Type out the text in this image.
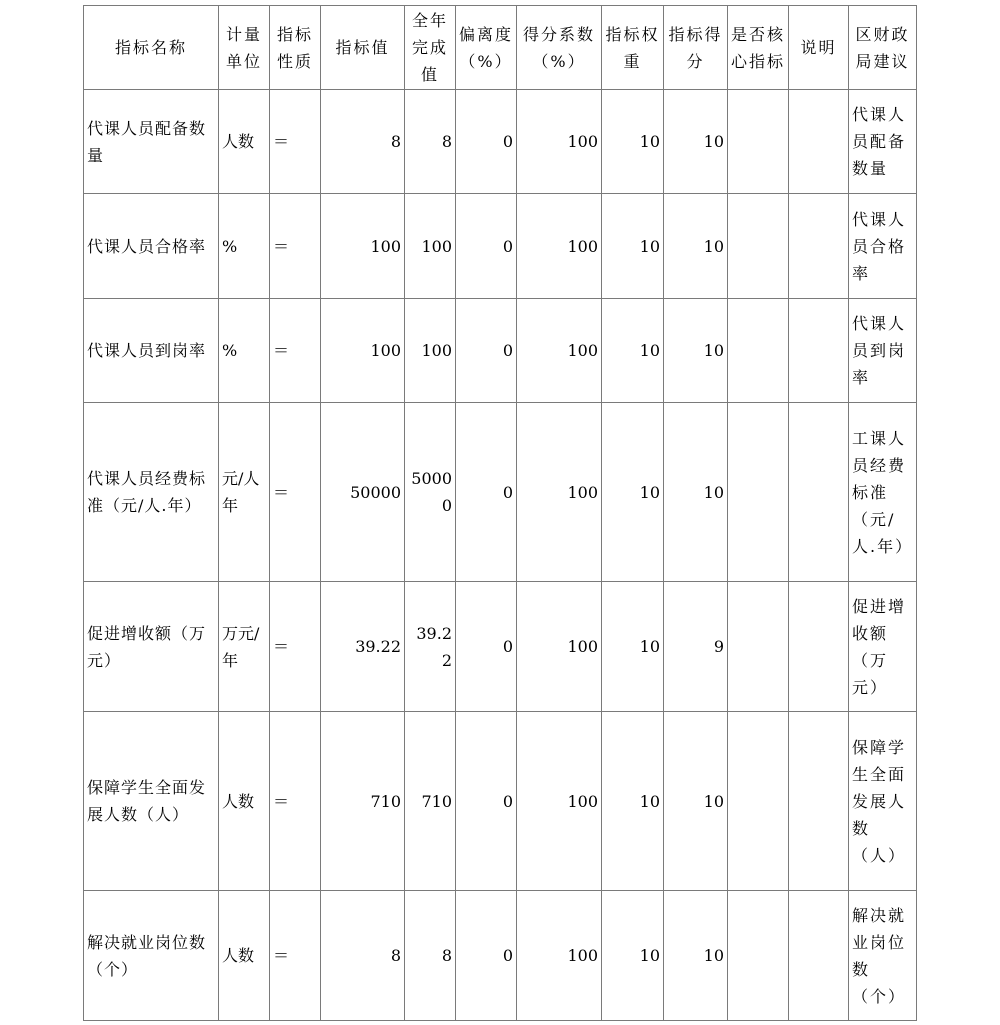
指标名称	计量单位	指标性质	指标值	全年完成值	偏离度（%）	得分系数（%）	指标权重	指标得分	是否核心指标	说明	区财政局建议
代课人员配备数量	人数	＝	8	8	0	100	10	10			代课人员配备数量
代课人员合格率	%	＝	100	100	0	100	10	10			代课人员合格率
代课人员到岗率	%	＝	100	100	0	100	10	10			代课人员到岗率
代课人员经费标准（元/人.年）	元/人年	＝	50000	50000	0	100	10	10			工课人员经费标准（元/人.年）
促进增收额（万元）	万元/年	＝	39.22	39.22	0	100	10	9			促进增收额（万元）
保障学生全面发展人数（人）	人数	＝	710	710	0	100	10	10			保障学生全面发展人数（人）
解决就业岗位数（个）	人数	＝	8	8	0	100	10	10			解决就业岗位数（个）
